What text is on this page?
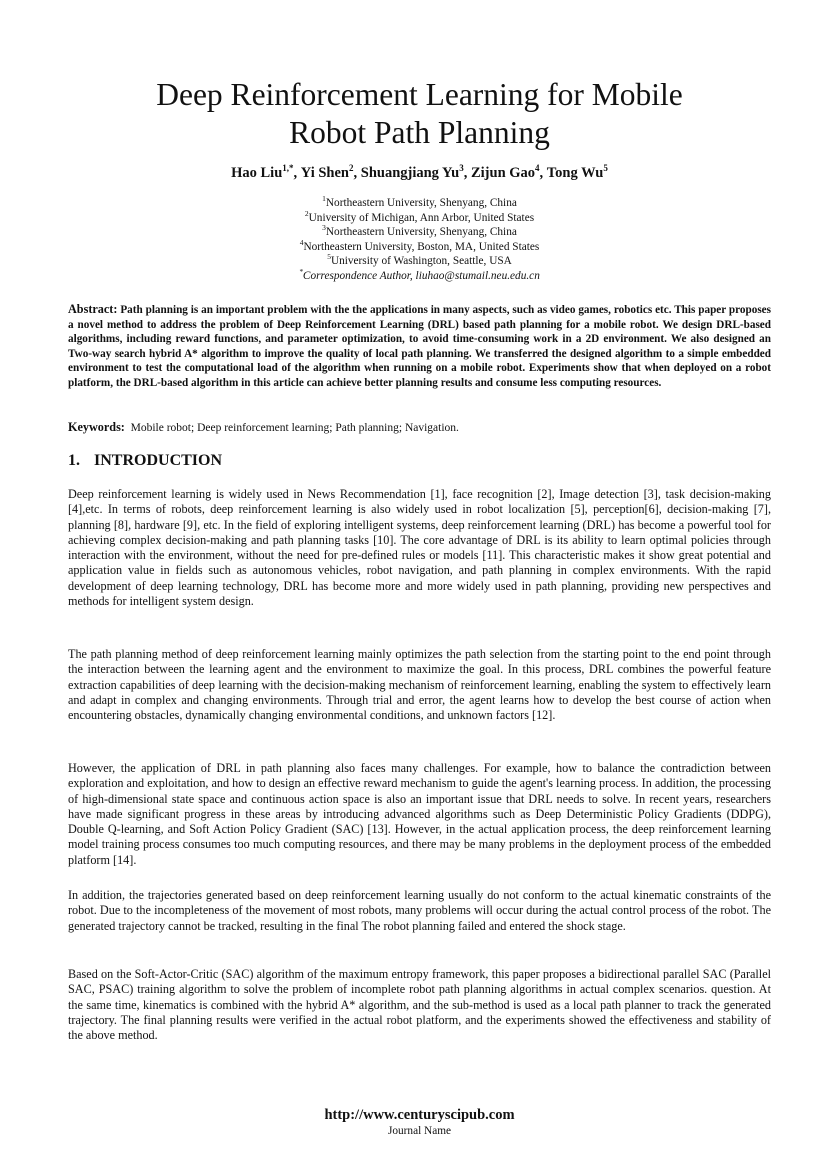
Deep Reinforcement Learning for Mobile
Robot Path Planning
Hao Liu$^{1,*}$, Yi Shen$^2$, Shuangjiang Yu$^3$, Zijun Gao$^4$, Tong Wu$^5$
$^1$Northeastern University, Shenyang, China
$^2$University of Michigan, Ann Arbor, United States
$^3$Northeastern University, Shenyang, China
$^4$Northeastern University, Boston, MA, United States
$^5$University of Washington, Seattle, USA
*Correspondence Author, liuhao@stumail.neu.edu.cn
Abstract: Path planning is an important problem with the the applications in many aspects, such as video games, robotics etc. This paper proposes a novel method to address the problem of Deep Reinforcement Learning (DRL) based path planning for a mobile robot. We design DRL-based algorithms, including reward functions, and parameter optimization, to avoid time-consuming work in a 2D environment. We also designed an Two-way search hybrid A* algorithm to improve the quality of local path planning. We transferred the designed algorithm to a simple embedded environment to test the computational load of the algorithm when running on a mobile robot. Experiments show that when deployed on a robot platform, the DRL-based algorithm in this article can achieve better planning results and consume less computing resources.
Keywords: Mobile robot; Deep reinforcement learning; Path planning; Navigation.
1. INTRODUCTION

Deep reinforcement learning is widely used in News Recommendation [1], face recognition [2], Image detection [3], task decision-making [4],etc. In terms of robots, deep reinforcement learning is also widely used in robot localization [5], perception[6], decision-making [7], planning [8], hardware [9], etc. In the field of exploring intelligent systems, deep reinforcement learning (DRL) has become a powerful tool for achieving complex decision-making and path planning tasks [10]. The core advantage of DRL is its ability to learn optimal policies through interaction with the environment, without the need for pre-defined rules or models [11]. This characteristic makes it show great potential and application value in fields such as autonomous vehicles, robot navigation, and path planning in complex environments. With the rapid development of deep learning technology, DRL has become more and more widely used in path planning, providing new perspectives and methods for intelligent system design.

The path planning method of deep reinforcement learning mainly optimizes the path selection from the starting point to the end point through the interaction between the learning agent and the environment to maximize the goal. In this process, DRL combines the powerful feature extraction capabilities of deep learning with the decision-making mechanism of reinforcement learning, enabling the system to effectively learn and adapt in complex and changing environments. Through trial and error, the agent learns how to develop the best course of action when encountering obstacles, dynamically changing environmental conditions, and unknown factors [12].

However, the application of DRL in path planning also faces many challenges. For example, how to balance the contradiction between exploration and exploitation, and how to design an effective reward mechanism to guide the agent's learning process. In addition, the processing of high-dimensional state space and continuous action space is also an important issue that DRL needs to solve. In recent years, researchers have made significant progress in these areas by introducing advanced algorithms such as Deep Deterministic Policy Gradients (DDPG), Double Q-learning, and Soft Action Policy Gradient (SAC) [13]. However, in the actual application process, the deep reinforcement learning model training process consumes too much computing resources, and there may be many problems in the deployment process of the embedded platform [14].

In addition, the trajectories generated based on deep reinforcement learning usually do not conform to the actual kinematic constraints of the robot. Due to the incompleteness of the movement of most robots, many problems will occur during the actual control process of the robot. The generated trajectory cannot be tracked, resulting in the final The robot planning failed and entered the shock stage.

Based on the Soft-Actor-Critic (SAC) algorithm of the maximum entropy framework, this paper proposes a bidirectional parallel SAC (Parallel SAC, PSAC) training algorithm to solve the problem of incomplete robot path planning algorithms in actual complex scenarios. question. At the same time, kinematics is combined with the hybrid A* algorithm, and the sub-method is used as a local path planner to track the generated trajectory. The final planning results were verified in the actual robot platform, and the experiments showed the effectiveness and stability of the above method.

http://www.centuryscipub.com
Journal Name
